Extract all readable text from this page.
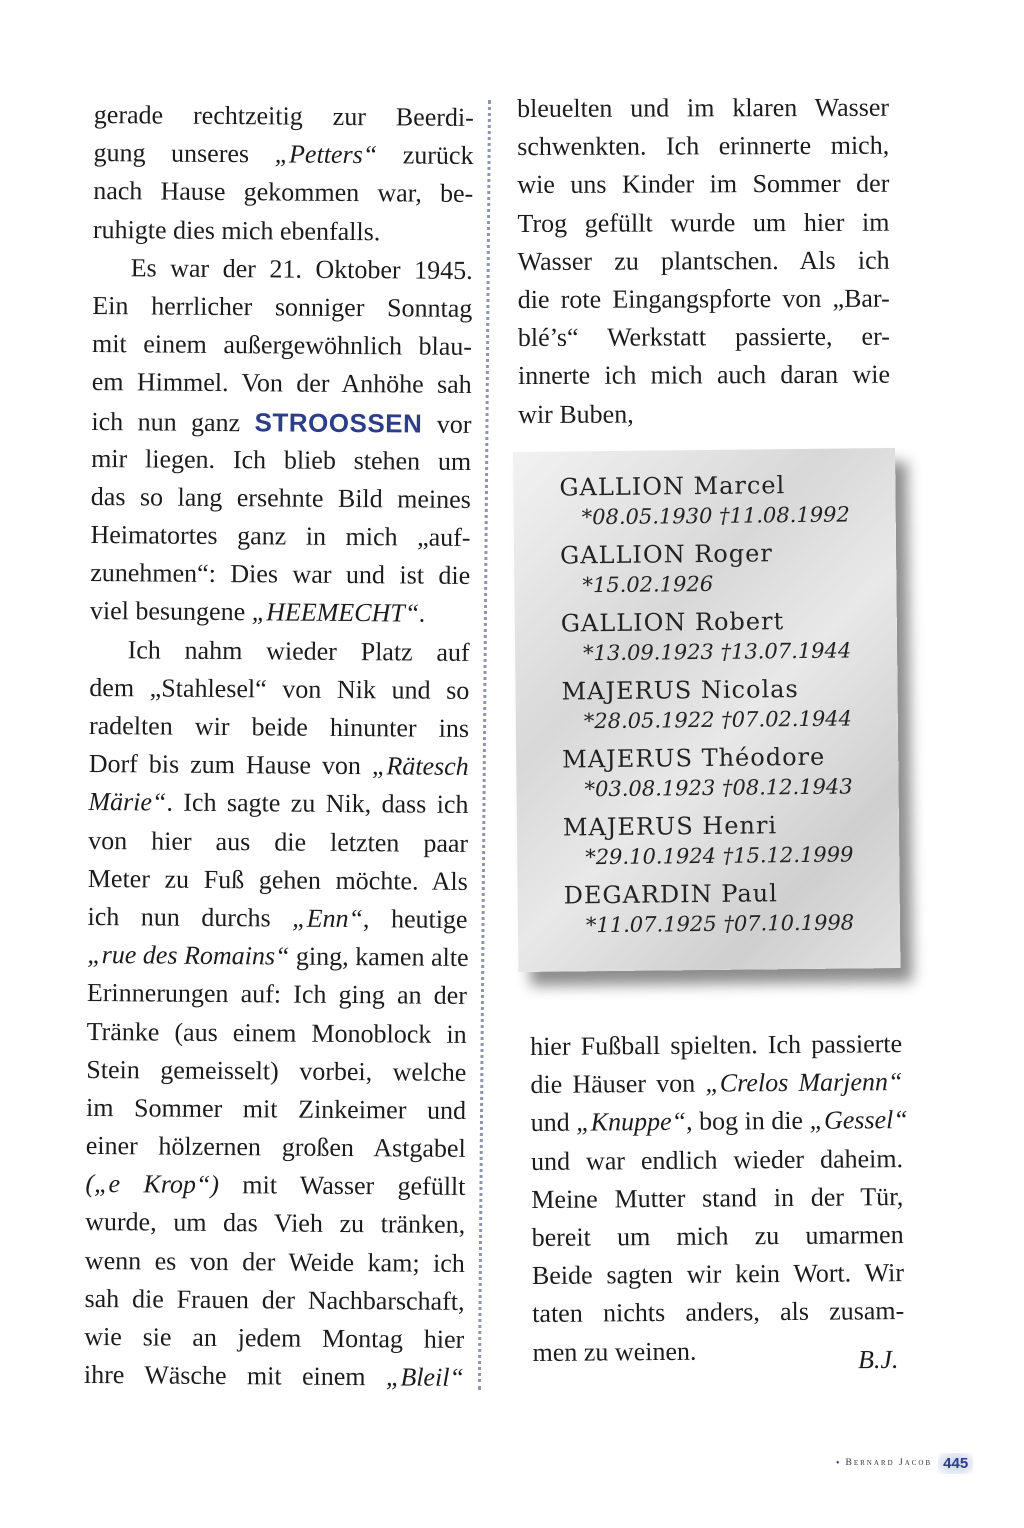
gerade rechtzeitig zur Beerdi-
gung unseres „Petters“ zurück
nach Hause gekommen war, be-
ruhigte dies mich ebenfalls.
Es war der 21. Oktober 1945.
Ein herrlicher sonniger Sonntag
mit einem außergewöhnlich blau-
em Himmel. Von der Anhöhe sah
ich nun ganz STROOSSEN vor
mir liegen. Ich blieb stehen um
das so lang ersehnte Bild meines
Heimatortes ganz in mich „auf-
zunehmen“: Dies war und ist die
viel besungene „HEEMECHT“.
Ich nahm wieder Platz auf
dem „Stahlesel“ von Nik und so
radelten wir beide hinunter ins
Dorf bis zum Hause von „Rätesch
Märie“. Ich sagte zu Nik, dass ich
von hier aus die letzten paar
Meter zu Fuß gehen möchte. Als
ich nun durchs „Enn“, heutige
„rue des Romains“ ging, kamen alte
Erinnerungen auf: Ich ging an der
Tränke (aus einem Monoblock in
Stein gemeisselt) vorbei, welche
im Sommer mit Zinkeimer und
einer hölzernen großen Astgabel
(„e Krop“) mit Wasser gefüllt
wurde, um das Vieh zu tränken,
wenn es von der Weide kam; ich
sah die Frauen der Nachbarschaft,
wie sie an jedem Montag hier
ihre Wäsche mit einem „Bleil“
bleuelten und im klaren Wasser
schwenkten. Ich erinnerte mich,
wie uns Kinder im Sommer der
Trog gefüllt wurde um hier im
Wasser zu plantschen. Als ich
die rote Eingangspforte von „Bar-
blé’s“ Werkstatt passierte, er-
innerte ich mich auch daran wie
wir Buben,
GALLION Marcel
*08.05.1930 †11.08.1992
GALLION Roger
*15.02.1926
GALLION Robert
*13.09.1923 †13.07.1944
MAJERUS Nicolas
*28.05.1922 †07.02.1944
MAJERUS Théodore
*03.08.1923 †08.12.1943
MAJERUS Henri
*29.10.1924 †15.12.1999
DEGARDIN Paul
*11.07.1925 †07.10.1998
hier Fußball spielten. Ich passierte
die Häuser von „Crelos Marjenn“
und „Knuppe“, bog in die „Gessel“
und war endlich wieder daheim.
Meine Mutter stand in der Tür,
bereit um mich zu umarmen
Beide sagten wir kein Wort. Wir
taten nichts anders, als zusam-
men zu weinen.	B.J.
• Bernard Jacob 445
